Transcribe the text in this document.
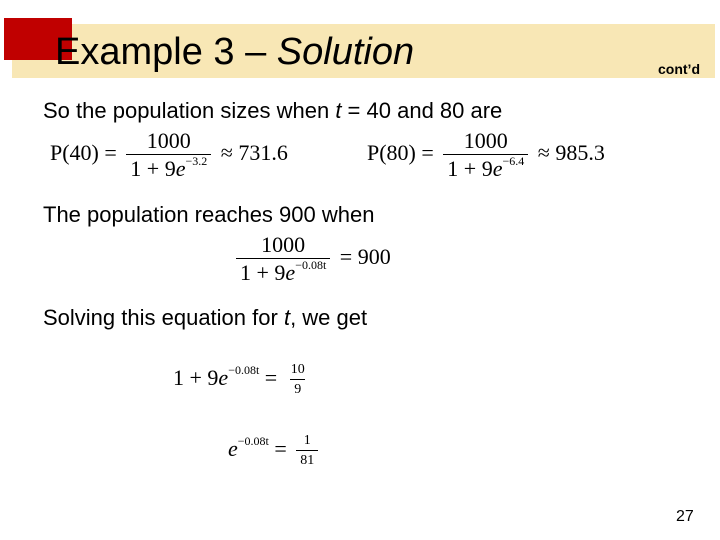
Example 3 – Solution	cont’d
So the population sizes when t = 40 and 80 are
$P(40) = \frac{1000}{1 + 9e^{-3.2}} \approx 731.6$	$P(80) = \frac{1000}{1 + 9e^{-6.4}} \approx 985.3$
The population reaches 900 when
$\frac{1000}{1 + 9e^{-0.08t}} = 900$
Solving this equation for t, we get
$1 + 9e^{-0.08t} = \frac{10}{9}$
$e^{-0.08t} = \frac{1}{81}$
27
